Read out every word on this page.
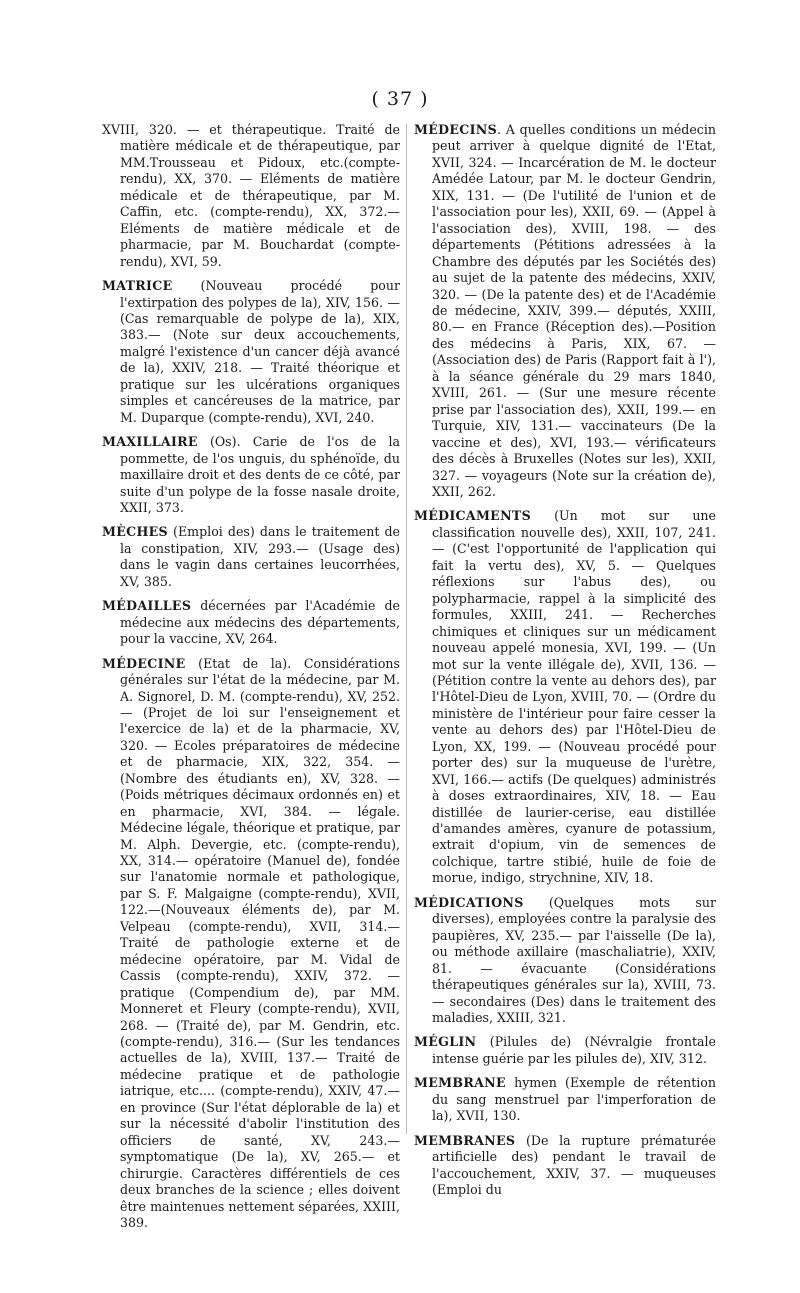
( 37 )

XVIII, 320. — et thérapeutique. Traité de matière médicale et de thérapeutique, par MM.Trousseau et Pidoux, etc.(compte-rendu), XX, 370. — Eléments de matière médicale et de thérapeutique, par M. Caffin, etc. (compte-rendu), XX, 372.— Eléments de matière médicale et de pharmacie, par M. Bouchardat (compte-rendu), XVI, 59.

MATRICE (Nouveau procédé pour l'extirpation des polypes de la), XIV, 156. — (Cas remarquable de polype de la), XIX, 383.— (Note sur deux accouchements, malgré l'existence d'un cancer déjà avancé de la), XXIV, 218. — Traité théorique et pratique sur les ulcérations organiques simples et cancéreuses de la matrice, par M. Duparque (compte-rendu), XVI, 240.

MAXILLAIRE (Os). Carie de l'os de la pommette, de l'os unguis, du sphénoïde, du maxillaire droit et des dents de ce côté, par suite d'un polype de la fosse nasale droite, XXII, 373.

MÈCHES (Emploi des) dans le traitement de la constipation, XIV, 293.— (Usage des) dans le vagin dans certaines leucorrhées, XV, 385.

MÉDAILLES décernées par l'Académie de médecine aux médecins des départements, pour la vaccine, XV, 264.

MÉDECINE (Etat de la). Considérations générales sur l'état de la médecine, par M. A. Signorel, D. M. (compte-rendu), XV, 252. — (Projet de loi sur l'enseignement et l'exercice de la) et de la pharmacie, XV, 320. — Ecoles préparatoires de médecine et de pharmacie, XIX, 322, 354. — (Nombre des étudiants en), XV, 328. — (Poids métriques décimaux ordonnés en) et en pharmacie, XVI, 384. — légale. Médecine légale, théorique et pratique, par M. Alph. Devergie, etc. (compte-rendu), XX, 314.— opératoire (Manuel de), fondée sur l'anatomie normale et pathologique, par S. F. Malgaigne (compte-rendu), XVII, 122.—(Nouveaux éléments de), par M. Velpeau (compte-rendu), XVII, 314.— Traité de pathologie externe et de médecine opératoire, par M. Vidal de Cassis (compte-rendu), XXIV, 372. — pratique (Compendium de), par MM. Monneret et Fleury (compte-rendu), XVII, 268. — (Traité de), par M. Gendrin, etc. (compte-rendu), 316.— (Sur les tendances actuelles de la), XVIII, 137.— Traité de médecine pratique et de pathologie iatrique, etc.... (compte-rendu), XXIV, 47.— en province (Sur l'état déplorable de la) et sur la nécessité d'abolir l'institution des officiers de santé, XV, 243.— symptomatique (De la), XV, 265.— et chirurgie. Caractères différentiels de ces deux branches de la science ; elles doivent être maintenues nettement séparées, XXIII, 389.

MÉDECINS. A quelles conditions un médecin peut arriver à quelque dignité de l'Etat, XVII, 324. — Incarcération de M. le docteur Amédée Latour, par M. le docteur Gendrin, XIX, 131. — (De l'utilité de l'union et de l'association pour les), XXII, 69. — (Appel à l'association des), XVIII, 198. — des départements (Pétitions adressées à la Chambre des députés par les Sociétés des) au sujet de la patente des médecins, XXIV, 320. — (De la patente des) et de l'Académie de médecine, XXIV, 399.— députés, XXIII, 80.— en France (Réception des).—Position des médecins à Paris, XIX, 67. — (Association des) de Paris (Rapport fait à l'), à la séance générale du 29 mars 1840, XVIII, 261. — (Sur une mesure récente prise par l'association des), XXII, 199.— en Turquie, XIV, 131.— vaccinateurs (De la vaccine et des), XVI, 193.— vérificateurs des décès à Bruxelles (Notes sur les), XXII, 327. — voyageurs (Note sur la création de), XXII, 262.

MÉDICAMENTS (Un mot sur une classification nouvelle des), XXII, 107, 241. — (C'est l'opportunité de l'application qui fait la vertu des), XV, 5. — Quelques réflexions sur l'abus des), ou polypharmacie, rappel à la simplicité des formules, XXIII, 241. — Recherches chimiques et cliniques sur un médicament nouveau appelé monesia, XVI, 199. — (Un mot sur la vente illégale de), XVII, 136. — (Pétition contre la vente au dehors des), par l'Hôtel-Dieu de Lyon, XVIII, 70. — (Ordre du ministère de l'intérieur pour faire cesser la vente au dehors des) par l'Hôtel-Dieu de Lyon, XX, 199. — (Nouveau procédé pour porter des) sur la muqueuse de l'urètre, XVI, 166.— actifs (De quelques) administrés à doses extraordinaires, XIV, 18. — Eau distillée de laurier-cerise, eau distillée d'amandes amères, cyanure de potassium, extrait d'opium, vin de semences de colchique, tartre stibié, huile de foie de morue, indigo, strychnine, XIV, 18.

MÉDICATIONS (Quelques mots sur diverses), employées contre la paralysie des paupières, XV, 235.— par l'aisselle (De la), ou méthode axillaire (maschaliatrie), XXIV, 81. — évacuante (Considérations thérapeutiques générales sur la), XVIII, 73. — secondaires (Des) dans le traitement des maladies, XXIII, 321.

MÉGLIN (Pilules de) (Névralgie frontale intense guérie par les pilules de), XIV, 312.

MEMBRANE hymen (Exemple de rétention du sang menstruel par l'imperforation de la), XVII, 130.

MEMBRANES (De la rupture prématurée artificielle des) pendant le travail de l'accouchement, XXIV, 37. — muqueuses (Emploi du
